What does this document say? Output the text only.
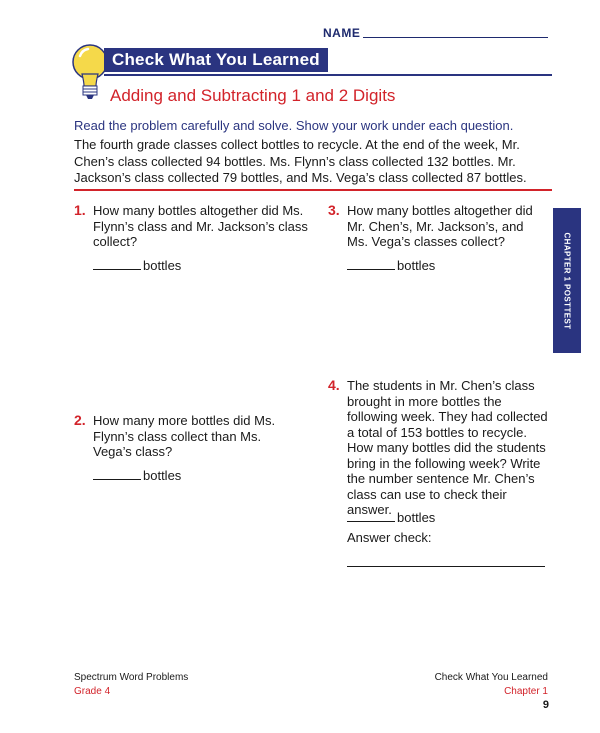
NAME
Check What You Learned
Adding and Subtracting 1 and 2 Digits
Read the problem carefully and solve. Show your work under each question.
The fourth grade classes collect bottles to recycle. At the end of the week, Mr. Chen’s class collected 94 bottles. Ms. Flynn’s class collected 132 bottles. Mr. Jackson’s class collected 79 bottles, and Ms. Vega’s class collected 87 bottles.
1. How many bottles altogether did Ms. Flynn’s class and Mr. Jackson’s class collect?
bottles
3. How many bottles altogether did Mr. Chen’s, Mr. Jackson’s, and Ms. Vega’s classes collect?
bottles
2. How many more bottles did Ms. Flynn’s class collect than Ms. Vega’s class?
bottles
4. The students in Mr. Chen’s class brought in more bottles the following week. They had collected a total of 153 bottles to recycle. How many bottles did the students bring in the following week? Write the number sentence Mr. Chen’s class can use to check their answer.
bottles
Answer check:
CHAPTER 1 POSTTEST
Spectrum Word Problems
Grade 4
Check What You Learned
Chapter 1
9
